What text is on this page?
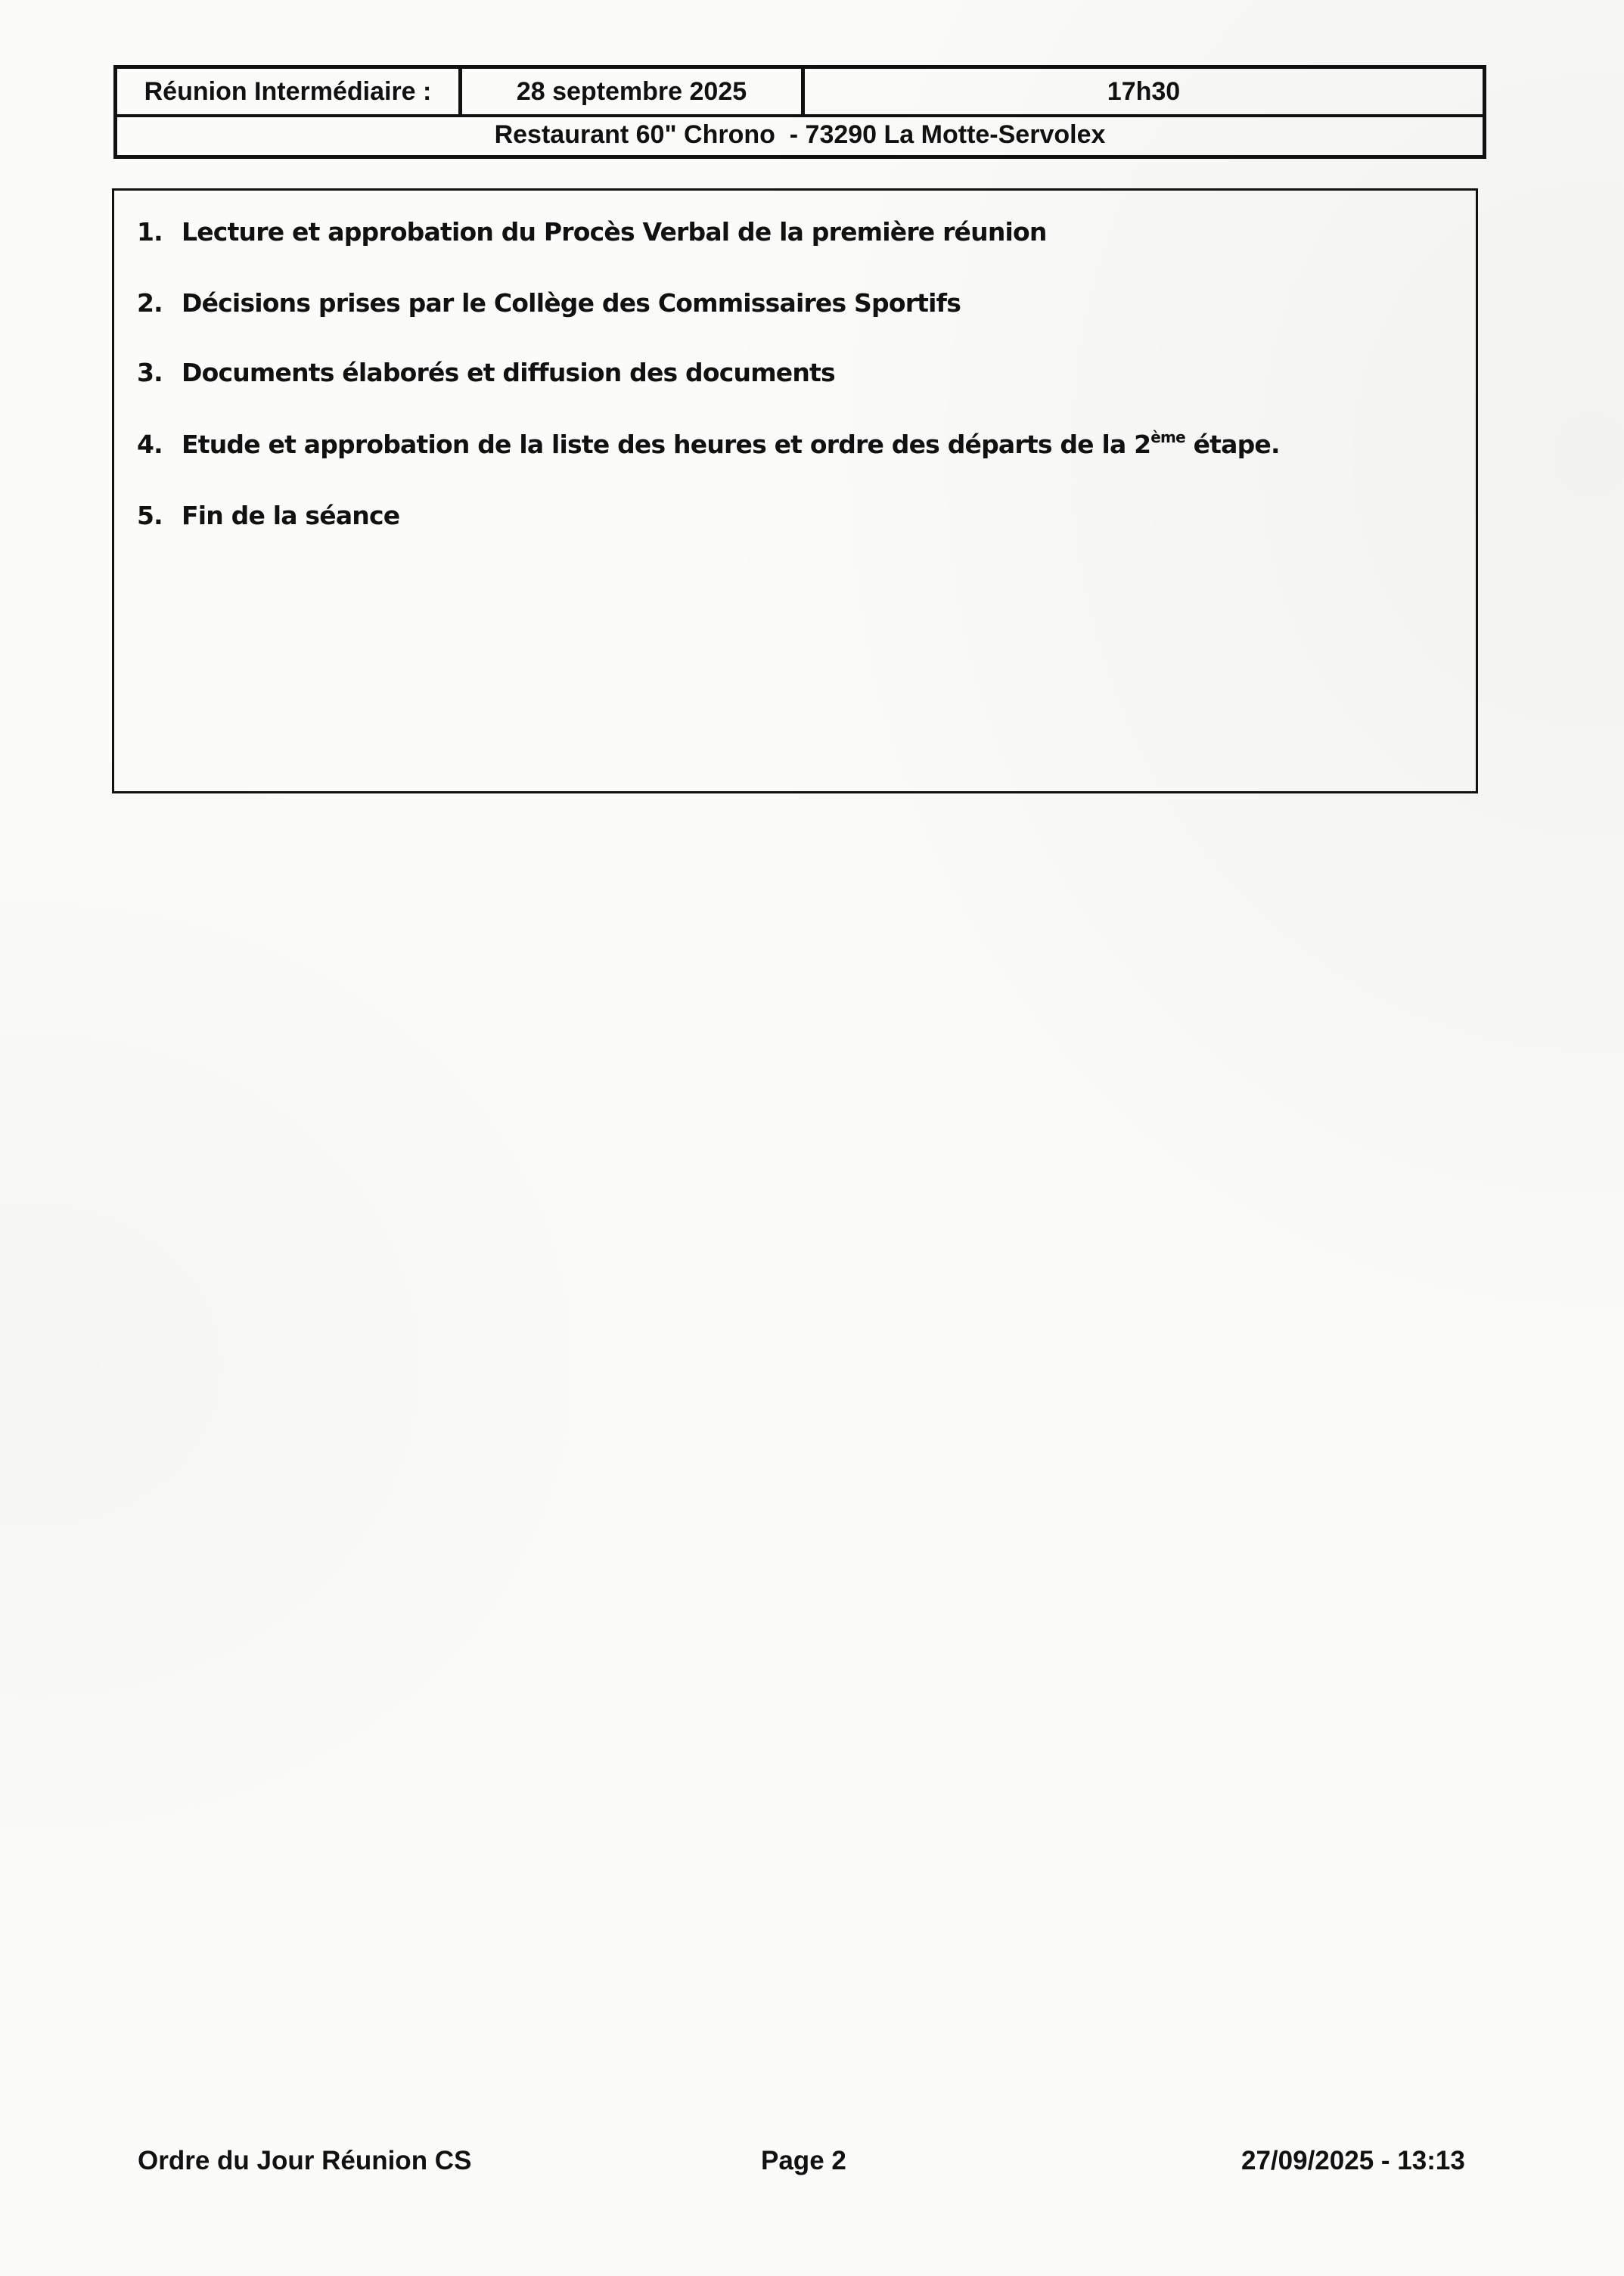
Réunion Intermédiaire :	28 septembre 2025	17h30
Restaurant 60" Chrono  - 73290 La Motte-Servolex
1. Lecture et approbation du Procès Verbal de la première réunion
2. Décisions prises par le Collège des Commissaires Sportifs
3. Documents élaborés et diffusion des documents
4. Etude et approbation de la liste des heures et ordre des départs de la 2ème étape.
5. Fin de la séance
Ordre du Jour Réunion CS	Page 2	27/09/2025 - 13:13
